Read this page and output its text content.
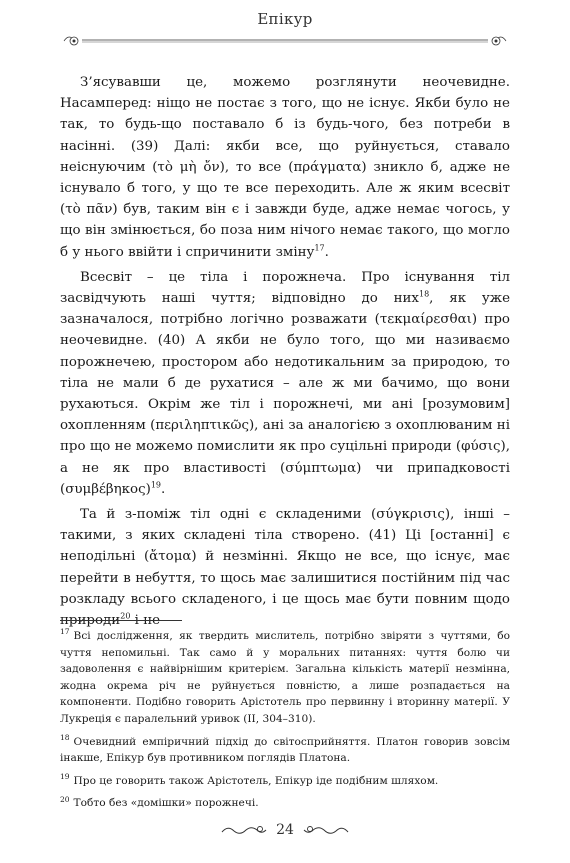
Епікур

З’ясувавши це, можемо розглянути неочевидне. Насамперед: ніщо не постає з того, що не існує. Якби було не так, то будь-що поставало б із будь-чого, без потреби в насінні. (39) Далі: якби все, що руйнується, ставало неіснуючим (τὸ μὴ ὄν), то все (πράγματα) зникло б, адже не існувало б того, у що те все переходить. Але ж яким всесвіт (τὸ πᾶν) був, таким він є і завжди буде, адже немає чогось, у що він змінюється, бо поза ним нічого немає такого, що могло б у нього ввійти і спричинити зміну$^{17}$.

Всесвіт – це тіла і порожнеча. Про існування тіл засвідчують наші чуття; відповідно до них$^{18}$, як уже зазначалося, потрібно логічно розважати (τεκμαίρεσθαι) про неочевидне. (40) А якби не було того, що ми називаємо порожнечею, простором або недотикальним за природою, то тіла не мали б де рухатися – але ж ми бачимо, що вони рухаються. Окрім же тіл і порожнечі, ми ані [розумовим] охопленням (περιληπτικῶς), ані за аналогією з охоплюваним ні про що не можемо помислити як про суцільні природи (φύσις), а не як про властивості (σύμπτωμα) чи припадковості $(\sigma\upsilon\mu\beta έ\beta\eta\kappa o\varsigma)^{19}$.

Та й з-поміж тіл одні є складеними (σύγκρισις), інші – такими, з яких складені тіла створено. (41) Ці [останні] є неподільні (ἄτομα) й незмінні. Якщо не все, що існує, має перейти в небуття, то щось має залишитися постійним під час розкладу всього складеного, і це щось має бути повним щодо природи$^{20}$ і не

$^{17}$ Всі дослідження, як твердить мислитель, потрібно звіряти з чуттями, бо чуття непомильні. Так само й у моральних питаннях: чуття болю чи задоволення є найвірнішим критерієм. Загальна кількість матерії незмінна, жодна окрема річ не руйнується повністю, а лише розпадається на компоненти. Подібно говорить Арістотель про первинну і вторинну матерії. У Лукреція є паралельний уривок (ІІ, 304–310).

$^{18}$ Очевидний емпіричний підхід до світосприйняття. Платон говорив зовсім інакше, Епікур був противником поглядів Платона.

$^{19}$ Про це говорить також Арістотель, Епікур іде подібним шляхом.

$^{20}$ Тобто без «домішки» порожнечі.

24
